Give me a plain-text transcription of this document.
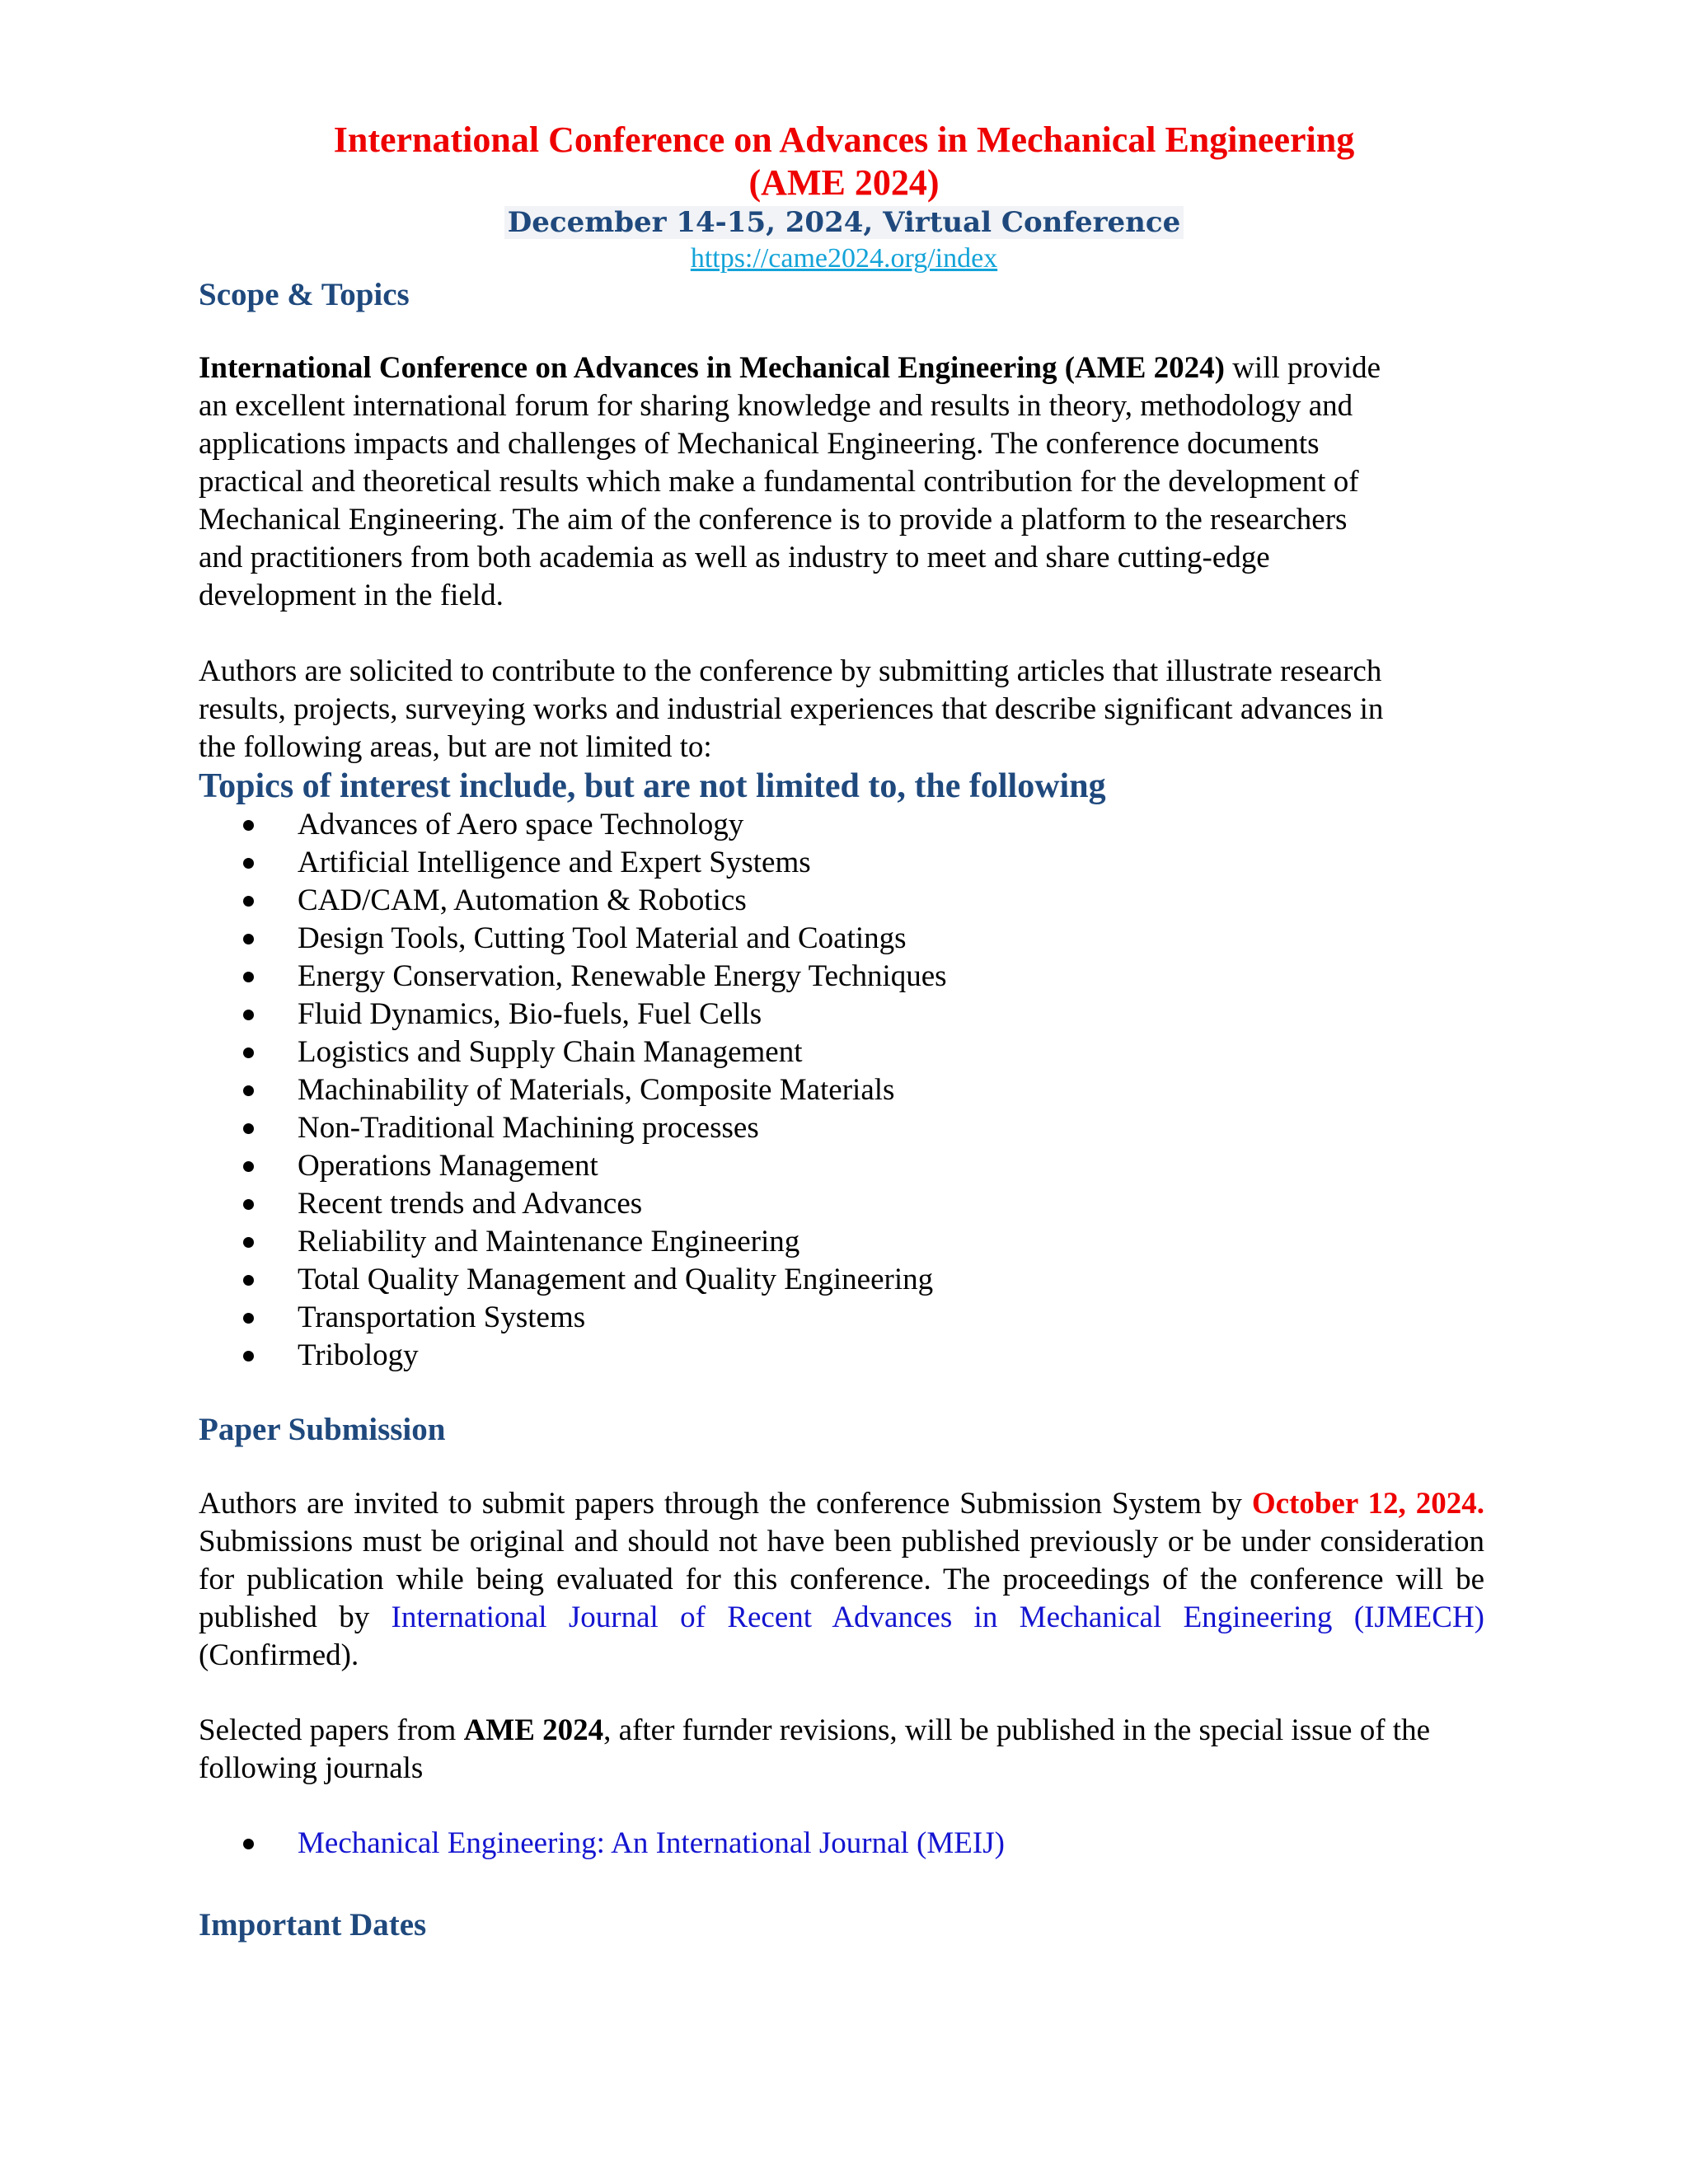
International Conference on Advances in Mechanical Engineering
(AME 2024)
December 14-15, 2024, Virtual Conference
https://came2024.org/index
Scope & Topics

International Conference on Advances in Mechanical Engineering (AME 2024) will provide

an excellent international forum for sharing knowledge and results in theory, methodology and

applications impacts and challenges of Mechanical Engineering. The conference documents

practical and theoretical results which make a fundamental contribution for the development of

Mechanical Engineering. The aim of the conference is to provide a platform to the researchers

and practitioners from both academia as well as industry to meet and share cutting-edge

development in the field.

Authors are solicited to contribute to the conference by submitting articles that illustrate research

results, projects, surveying works and industrial experiences that describe significant advances in

the following areas, but are not limited to:

Topics of interest include, but are not limited to, the following
Advances of Aero space Technology
Artificial Intelligence and Expert Systems
CAD/CAM, Automation & Robotics
Design Tools, Cutting Tool Material and Coatings
Energy Conservation, Renewable Energy Techniques
Fluid Dynamics, Bio-fuels, Fuel Cells
Logistics and Supply Chain Management
Machinability of Materials, Composite Materials
Non-Traditional Machining processes
Operations Management
Recent trends and Advances
Reliability and Maintenance Engineering
Total Quality Management and Quality Engineering
Transportation Systems
Tribology
Paper Submission
Authors are invited to submit papers through the conference Submission System by October 12, 2024. Submissions must be original and should not have been published previously or be under consideration for publication while being evaluated for this conference. The proceedings of the conference will be published by International Journal of Recent Advances in Mechanical Engineering (IJMECH) (Confirmed).
Selected papers from AME 2024, after furnder revisions, will be published in the special issue of the following journals
Mechanical Engineering: An International Journal (MEIJ)
Important Dates
